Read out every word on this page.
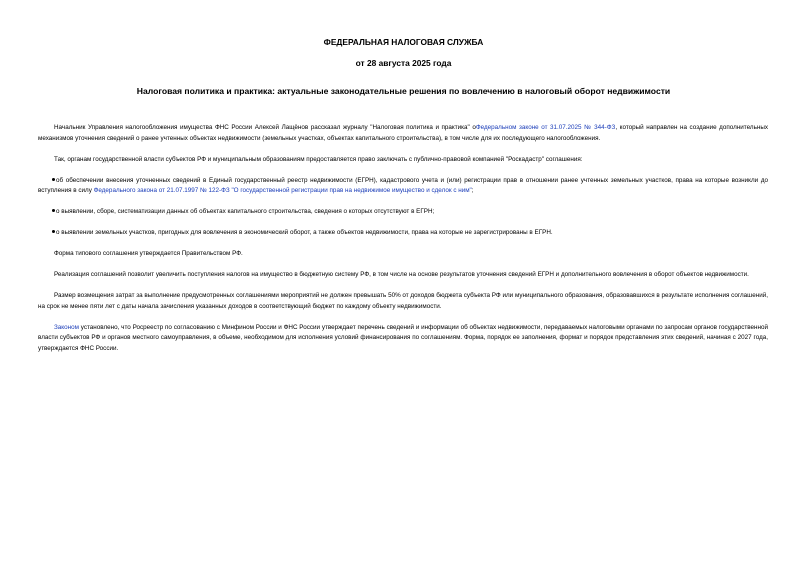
ФЕДЕРАЛЬНАЯ НАЛОГОВАЯ СЛУЖБА
от 28 августа 2025 года
Налоговая политика и практика: актуальные законодательные решения по вовлечению в налоговый оборот недвижимости

Начальник Управления налогообложения имущества ФНС России Алексей Лащёнов рассказал журналу "Налоговая политика и практика" оФедеральном законе от 31.07.2025 № 344-ФЗ, который направлен на создание дополнительных механизмов уточнения сведений о ранее учтенных объектах недвижимости (земельных участках, объектах капитального строительства), в том числе для их последующего налогообложения.

Так, органам государственной власти субъектов РФ и муниципальным образованиям предоставляется право заключать с публично-правовой компанией "Роскадастр" соглашения:

об обеспечении внесения уточненных сведений в Единый государственный реестр недвижимости (ЕГРН), кадастрового учета и (или) регистрации прав в отношении ранее учтенных земельных участков, права на которые возникли до вступления в силу Федерального закона от 21.07.1997 № 122-ФЗ "О государственной регистрации прав на недвижимое имущество и сделок с ним";

о выявлении, сборе, систематизации данных об объектах капитального строительства, сведения о которых отсутствуют в ЕГРН;

о выявлении земельных участков, пригодных для вовлечения в экономический оборот, а также объектов недвижимости, права на которые не зарегистрированы в ЕГРН.

Форма типового соглашения утверждается Правительством РФ.

Реализация соглашений позволит увеличить поступления налогов на имущество в бюджетную систему РФ, в том числе на основе результатов уточнения сведений ЕГРН и дополнительного вовлечения в оборот объектов недвижимости.

Размер возмещения затрат за выполнение предусмотренных соглашениями мероприятий не должен превышать 50% от доходов бюджета субъекта РФ или муниципального образования, образовавшихся в результате исполнения соглашений, на срок не менее пяти лет с даты начала зачисления указанных доходов в соответствующий бюджет по каждому объекту недвижимости.

Законом установлено, что Росреестр по согласованию с Минфином России и ФНС России утверждает перечень сведений и информации об объектах недвижимости, передаваемых налоговыми органами по запросам органов государственной власти субъектов РФ и органов местного самоуправления, в объеме, необходимом для исполнения условий финансирования по соглашениям. Форма, порядок ее заполнения, формат и порядок представления этих сведений, начиная с 2027 года, утверждается ФНС России.
